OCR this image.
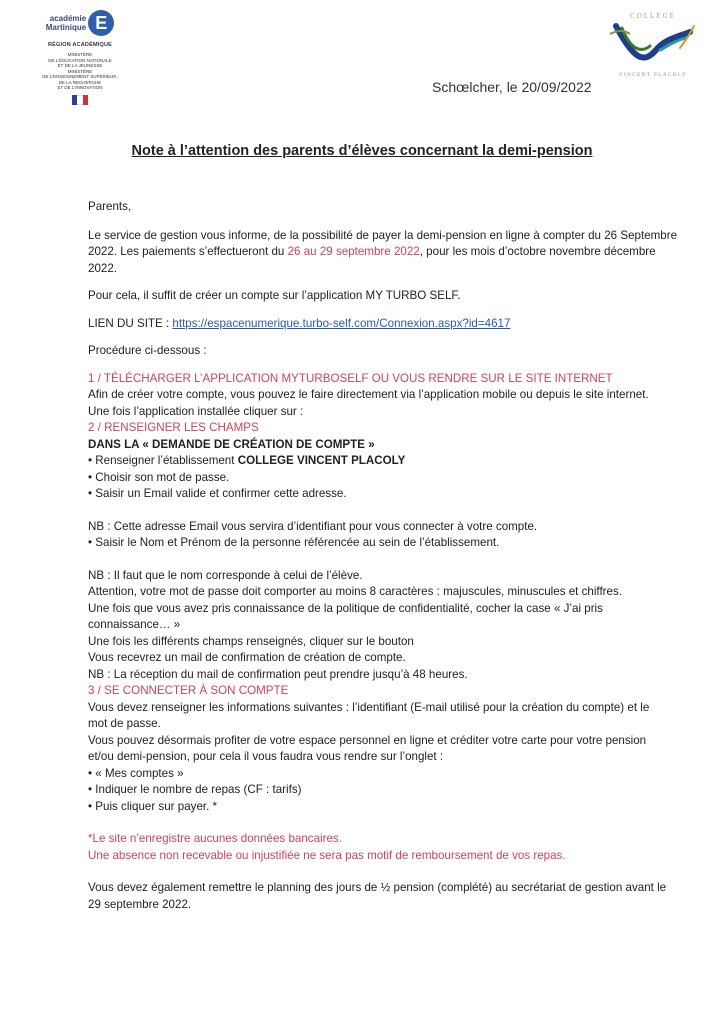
académie
Martinique E
RÉGION ACADÉMIQUE
MINISTÈRE
DE L'ÉDUCATION NATIONALE
ET DE LA JEUNESSE
MINISTÈRE
DE L'ENSEIGNEMENT SUPÉRIEUR,
DE LA RECHERCHE
ET DE L'INNOVATION
COLLEGE
VINCENT PLACOLY
Schœlcher, le 20/09/2022
Note à l’attention des parents d’élèves concernant la demi-pension

Parents,

Le service de gestion vous informe, de la possibilité de payer la demi-pension en ligne à compter du 26 Septembre
2022. Les paiements s’effectueront du 26 au 29 septembre 2022, pour les mois d’octobre novembre décembre
2022.

Pour cela, il suffit de créer un compte sur l’application MY TURBO SELF.

LIEN DU SITE : https://espacenumerique.turbo-self.com/Connexion.aspx?id=4617

Procédure ci-dessous :

1 / TÉLÉCHARGER L’APPLICATION MYTURBOSELF OU VOUS RENDRE SUR LE SITE INTERNET

Afin de créer votre compte, vous pouvez le faire directement via l’application mobile ou depuis le site internet.

Une fois l’application installée cliquer sur :

2 / RENSEIGNER LES CHAMPS

DANS LA « DEMANDE DE CRÉATION DE COMPTE »

• Renseigner l’établissement COLLEGE VINCENT PLACOLY

• Choisir son mot de passe.

• Saisir un Email valide et confirmer cette adresse.

NB : Cette adresse Email vous servira d’identifiant pour vous connecter à votre compte.

• Saisir le Nom et Prénom de la personne référencée au sein de l’établissement.

NB : Il faut que le nom corresponde à celui de l’élève.

Attention, votre mot de passe doit comporter au moins 8 caractères : majuscules, minuscules et chiffres.

Une fois que vous avez pris connaissance de la politique de confidentialité, cocher la case « J’ai pris

connaissance… »

Une fois les différents champs renseignés, cliquer sur le bouton

Vous recevrez un mail de confirmation de création de compte.

NB : La réception du mail de confirmation peut prendre jusqu’à 48 heures.

3 / SE CONNECTER À SON COMPTE

Vous devez renseigner les informations suivantes : l’identifiant (E-mail utilisé pour la création du compte) et le

mot de passe.

Vous pouvez désormais profiter de votre espace personnel en ligne et créditer votre carte pour votre pension

et/ou demi-pension, pour cela il vous faudra vous rendre sur l’onglet :

• « Mes comptes »

• Indiquer le nombre de repas (CF : tarifs)

• Puis cliquer sur payer. *

*Le site n’enregistre aucunes données bancaires.

Une absence non recevable ou injustifiée ne sera pas motif de remboursement de vos repas.

Vous devez également remettre le planning des jours de ½ pension (complété) au secrétariat de gestion avant le

29 septembre 2022.
